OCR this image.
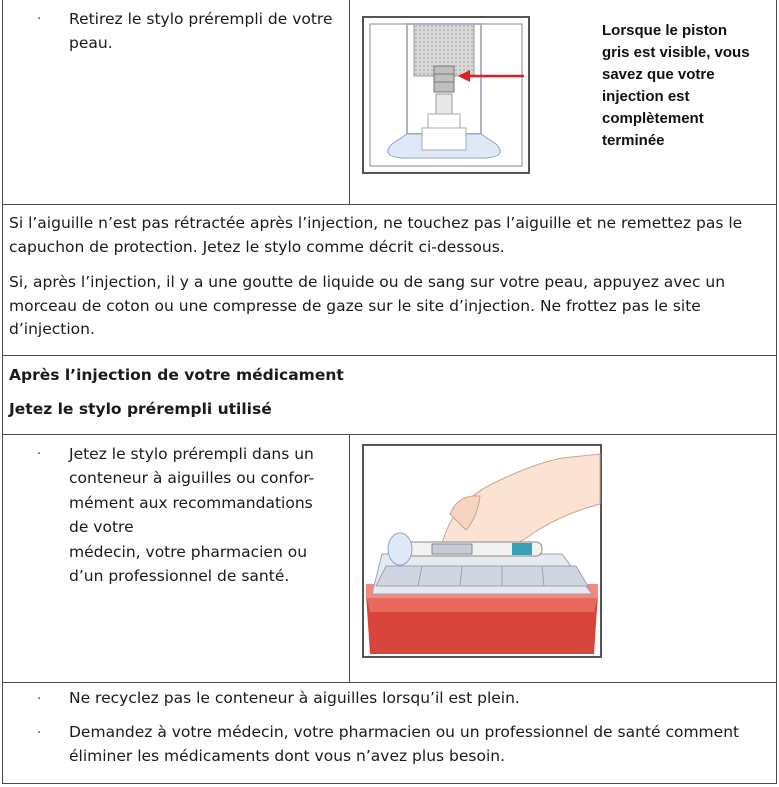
· Retirez le stylo prérempli de votre peau.
Lorsque le piston
gris est visible, vous
savez que votre
injection est
complètement
terminée
Si l’aiguille n’est pas rétractée après l’injection, ne touchez pas l’aiguille et ne remettez pas le
capuchon de protection. Jetez le stylo comme décrit ci-dessous.
Si, après l’injection, il y a une goutte de liquide ou de sang sur votre peau, appuyez avec un
morceau de coton ou une compresse de gaze sur le site d’injection. Ne frottez pas le site
d’injection.
Après l’injection de votre médicament
Jetez le stylo prérempli utilisé
· Jetez le stylo prérempli dans un
conteneur à aiguilles ou confor-
mément aux recommandations
de votre
médecin, votre pharmacien ou
d’un professionnel de santé.
· Ne recyclez pas le conteneur à aiguilles lorsqu’il est plein.
· Demandez à votre médecin, votre pharmacien ou un professionnel de santé comment
éliminer les médicaments dont vous n’avez plus besoin.
